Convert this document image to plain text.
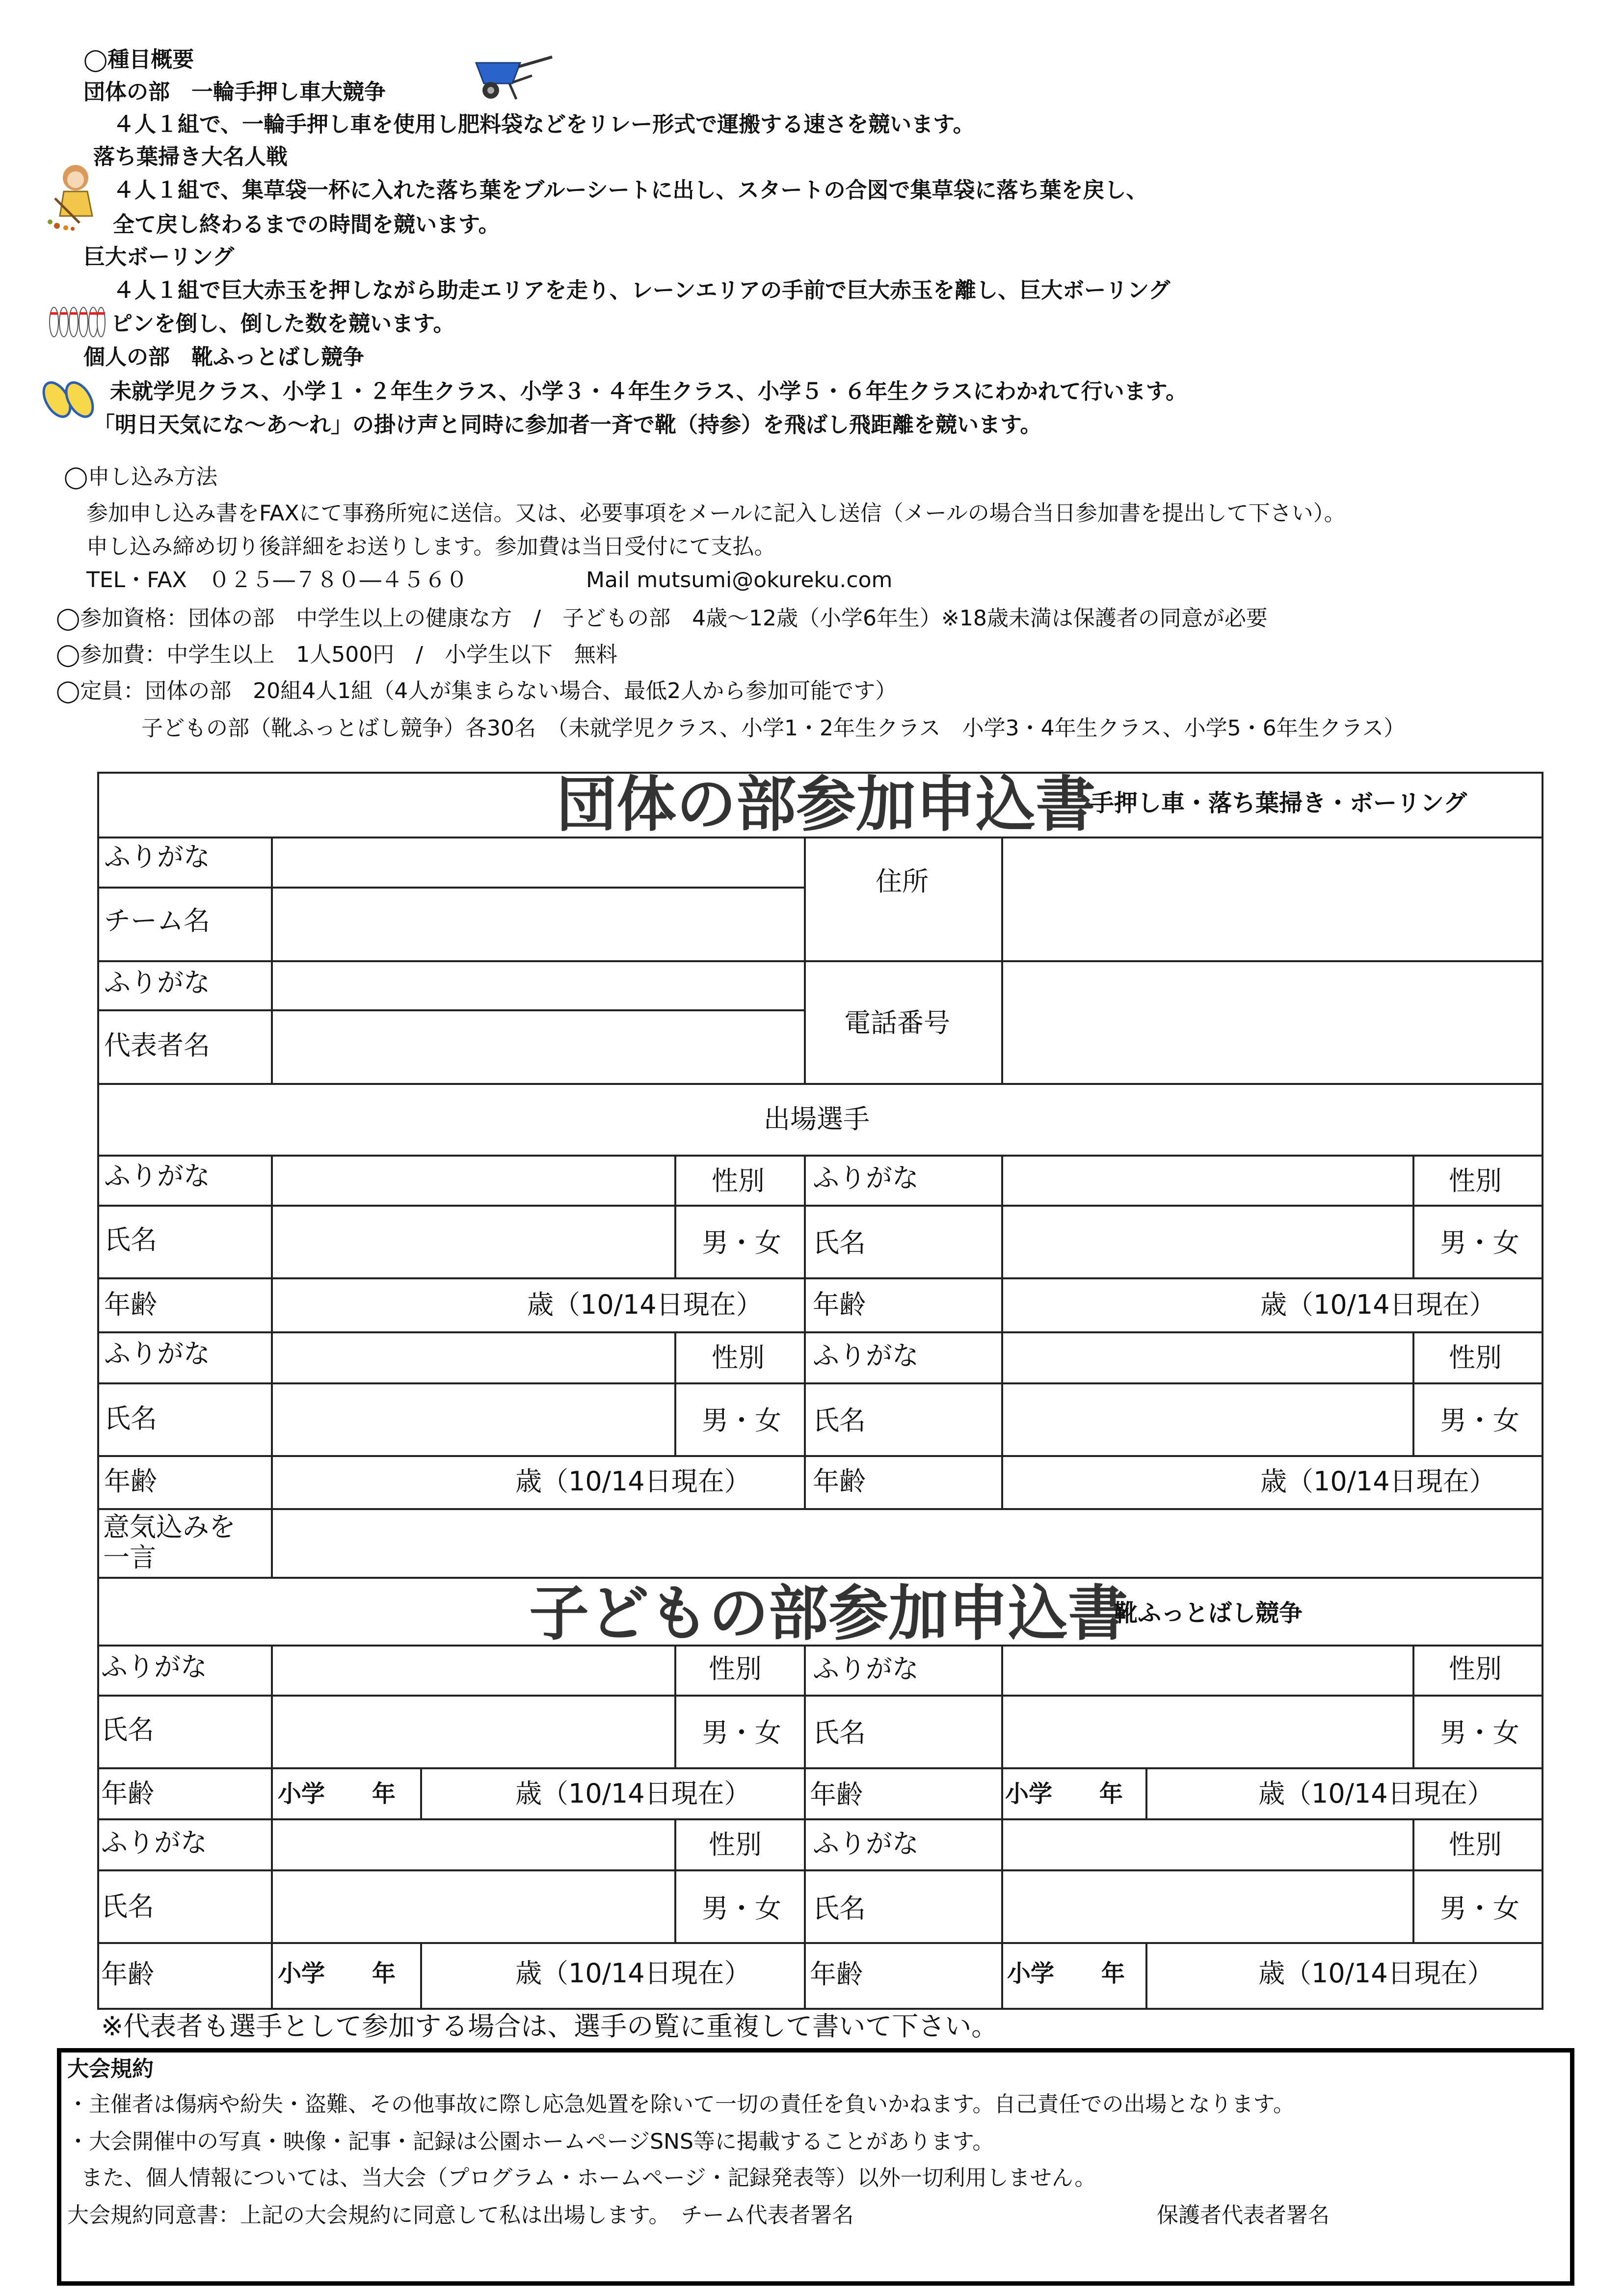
◯種目概要
団体の部　一輪手押し車大競争
４人１組で、一輪手押し車を使用し肥料袋などをリレー形式で運搬する速さを競います。
落ち葉掃き大名人戦
４人１組で、集草袋一杯に入れた落ち葉をブルーシートに出し、スタートの合図で集草袋に落ち葉を戻し、
全て戻し終わるまでの時間を競います。
巨大ボーリング
４人１組で巨大赤玉を押しながら助走エリアを走り、レーンエリアの手前で巨大赤玉を離し、巨大ボーリング
ピンを倒し、倒した数を競います。
個人の部　靴ふっとばし競争
未就学児クラス、小学１・２年生クラス、小学３・４年生クラス、小学５・６年生クラスにわかれて行います。
「明日天気にな～あ～れ」の掛け声と同時に参加者一斉で靴（持参）を飛ばし飛距離を競います。
◯申し込み方法
参加申し込み書をFAXにて事務所宛に送信。又は、必要事項をメールに記入し送信（メールの場合当日参加書を提出して下さい）。
申し込み締め切り後詳細をお送りします。参加費は当日受付にて支払。
TEL・FAX　０２５―７８０―４５６０	Mail mutsumi@okureku.com
◯参加資格：団体の部　中学生以上の健康な方　/　子どもの部　4歳～12歳（小学6年生）※18歳未満は保護者の同意が必要
◯参加費：中学生以上　1人500円　/　小学生以下　無料
◯定員：団体の部　20組4人1組（4人が集まらない場合、最低2人から参加可能です）
子どもの部（靴ふっとばし競争）各30名　（未就学児クラス、小学1・2年生クラス　小学3・4年生クラス、小学5・6年生クラス）
団体の部参加申込書
手押し車・落ち葉掃き・ボーリング
ふりがな
チーム名
住所
ふりがな
代表者名
電話番号
出場選手
ふりがな	性別 ふりがな	性別
氏名	男・女 氏名	男・女
年齢	歳（10/14日現在） 年齢	歳（10/14日現在）
ふりがな	性別 ふりがな	性別
氏名	男・女 氏名	男・女
年齢	歳（10/14日現在） 年齢	歳（10/14日現在）
意気込みを一言
子どもの部参加申込書
靴ふっとばし競争
ふりがな	性別 ふりがな	性別
氏名	男・女 氏名	男・女
年齢	小学　　年	歳（10/14日現在） 年齢	小学　　年	歳（10/14日現在）
ふりがな	性別 ふりがな	性別
氏名	男・女 氏名	男・女
年齢	小学　　年	歳（10/14日現在） 年齢	小学　　年	歳（10/14日現在）
※代表者も選手として参加する場合は、選手の覧に重複して書いて下さい。
大会規約
・主催者は傷病や紛失・盗難、その他事故に際し応急処置を除いて一切の責任を負いかねます。自己責任での出場となります。
・大会開催中の写真・映像・記事・記録は公園ホームページSNS等に掲載することがあります。
また、個人情報については、当大会（プログラム・ホームページ・記録発表等）以外一切利用しません。
大会規約同意書：上記の大会規約に同意して私は出場します。　チーム代表者署名	保護者代表者署名
